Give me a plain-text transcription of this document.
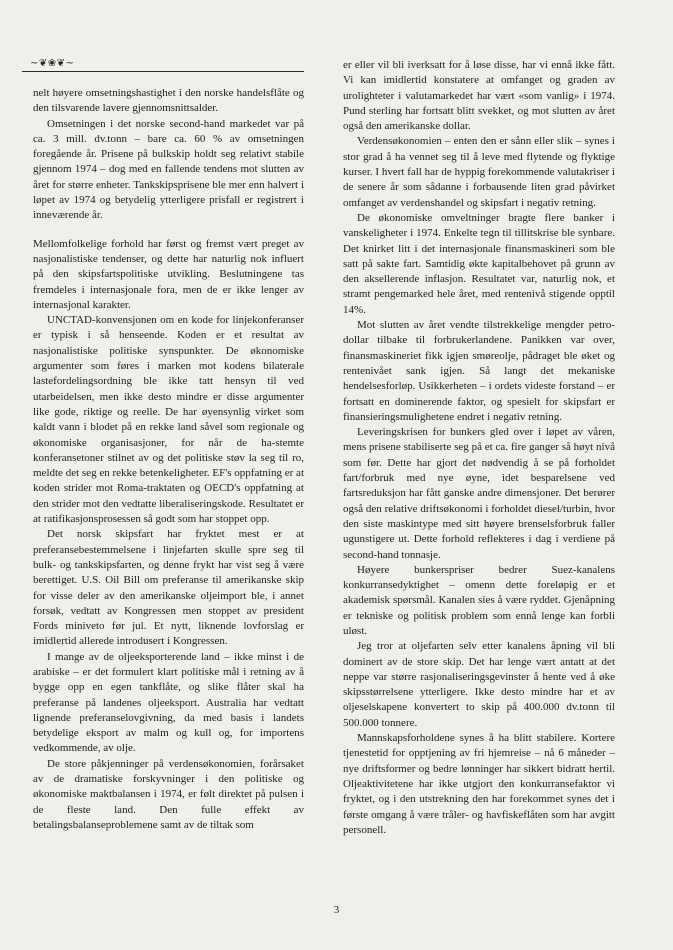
∼❦❀❦∼

nelt høyere omsetningshastighet i den norske handelsflåte og den tilsvarende lavere gjennomsnittsalder.

Omsetningen i det norske second-hand markedet var på ca. 3 mill. dv.tonn – bare ca. 60 % av omsetningen foregående år. Prisene på bulkskip holdt seg relativt stabile gjennom 1974 – dog med en fallende tendens mot slutten av året for større enheter. Tankskipsprisene ble mer enn halvert i løpet av 1974 og betydelig ytterligere prisfall er registrert i inneværende år.

Mellomfolkelige forhold har først og fremst vært preget av nasjonalistiske tendenser, og dette har naturlig nok influert på den skipsfartspolitiske utvikling. Beslutningene tas fremdeles i internasjonale fora, men de er ikke lenger av internasjonal karakter.

UNCTAD-konvensjonen om en kode for linjekonferanser er typisk i så henseende. Koden er et resultat av nasjonalistiske politiske synspunkter. De økonomiske argumenter som føres i marken mot kodens bilaterale lastefordelingsordning ble ikke tatt hensyn til ved utarbeidelsen, men ikke desto mindre er disse argumenter like gode, riktige og reelle. De har øyensynlig virket som kaldt vann i blodet på en rekke land såvel som regionale og økonomiske organisasjoner, for når de ha-stemte konferansetoner stilnet av og det politiske støv la seg til ro, meldte det seg en rekke betenkeligheter. EF's oppfatning er at koden strider mot Roma-traktaten og OECD's oppfatning at den strider mot den vedtatte liberaliseringskode. Resultatet er at ratifikasjonsprosessen så godt som har stoppet opp.

Det norsk skipsfart har fryktet mest er at preferansebestemmelsene i linjefarten skulle spre seg til bulk- og tankskipsfarten, og denne frykt har vist seg å være berettiget. U.S. Oil Bill om preferanse til amerikanske skip for visse deler av den amerikanske oljeimport ble, i annet forsøk, vedtatt av Kongressen men stoppet av president Fords miniveto før jul. Et nytt, liknende lovforslag er imidlertid allerede introdusert i Kongressen.

I mange av de oljeeksporterende land – ikke minst i de arabiske – er det formulert klart politiske mål i retning av å bygge opp en egen tankflåte, og slike flåter skal ha preferanse på landenes oljeeksport. Australia har vedtatt lignende preferanselovgivning, da med basis i landets betydelige eksport av malm og kull og, for importens vedkommende, av olje.

De store påkjenninger på verdensøkonomien, forårsaket av de dramatiske forskyvninger i den politiske og økonomiske maktbalansen i 1974, er følt direktet på pulsen i de fleste land. Den fulle effekt av betalingsbalanseproblemene samt av de tiltak som

er eller vil bli iverksatt for å løse disse, har vi ennå ikke fått. Vi kan imidlertid konstatere at omfanget og graden av urolighteter i valutamarkedet har vært «som vanlig» i 1974. Pund sterling har fortsatt blitt svekket, og mot slutten av året også den amerikanske dollar.

Verdensøkonomien – enten den er sånn eller slik – synes i stor grad å ha vennet seg til å leve med flytende og flyktige kurser. I hvert fall har de hyppig forekommende valutakriser i de senere år som sådanne i forbausende liten grad påvirket omfanget av verdenshandel og skipsfart i negativ retning.

De økonomiske omveltninger bragte flere banker i vanskeligheter i 1974. Enkelte tegn til tillitskrise ble synbare. Det knirket litt i det internasjonale finansmaskineri som ble satt på sakte fart. Samtidig økte kapitalbehovet på grunn av den aksellerende inflasjon. Resultatet var, naturlig nok, et stramt pengemarked hele året, med rentenivå stigende opptil 14%.

Mot slutten av året vendte tilstrekkelige mengder petro-dollar tilbake til forbrukerlandene. Panikken var over, finansmaskineriet fikk igjen smøreolje, pådraget ble øket og rentenivået sank igjen. Så langt det mekaniske hendelsesforløp. Usikkerheten – i ordets videste forstand – er fortsatt en dominerende faktor, og spesielt for skipsfart er finansieringsmulighetene endret i negativ retning.

Leveringskrisen for bunkers gled over i løpet av våren, mens prisene stabiliserte seg på et ca. fire ganger så høyt nivå som før. Dette har gjort det nødvendig å se på forholdet fart/forbruk med nye øyne, idet besparelsene ved fartsreduksjon har fått ganske andre dimensjoner. Det berører også den relative driftsøkonomi i forholdet diesel/turbin, hvor den siste maskintype med sitt høyere brenselsforbruk faller ugunstigere ut. Dette forhold reflekteres i dag i verdiene på second-hand tonnasje.

Høyere bunkerspriser bedrer Suez-kanalens konkurransedyktighet – omenn dette foreløpig er et akademisk spørsmål. Kanalen sies å være ryddet. Gjenåpning er tekniske og politisk problem som ennå lenge kan forbli uløst.

Jeg tror at oljefarten selv etter kanalens åpning vil bli dominert av de store skip. Det har lenge vært antatt at det neppe var større rasjonaliseringsgevinster å hente ved å øke skipsstørrelsene ytterligere. Ikke desto mindre har et av oljeselskapene konvertert to skip på 400.000 dv.tonn til 500.000 tonnere.

Mannskapsforholdene synes å ha blitt stabilere. Kortere tjenestetid for opptjening av fri hjemreise – nå 6 måneder – nye driftsformer og bedre lønninger har sikkert bidratt hertil. Oljeaktivitetene har ikke utgjort den konkurransefaktor vi fryktet, og i den utstrekning den har forekommet synes det i første omgang å være tråler- og havfiskeflåten som har avgitt personell.

3
